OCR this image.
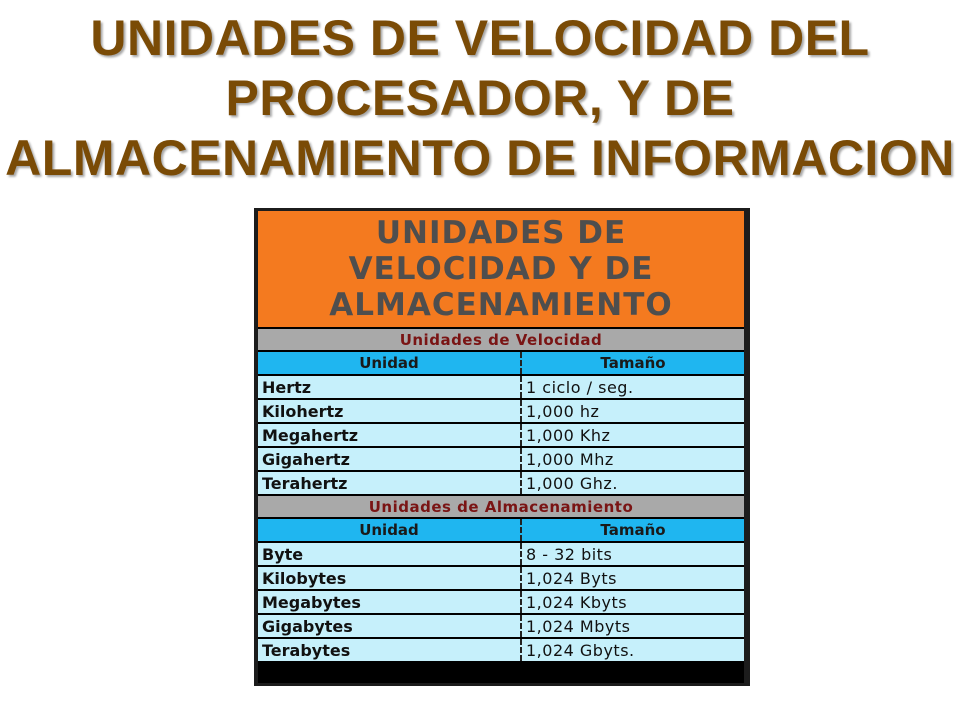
UNIDADES DE VELOCIDAD DEL
PROCESADOR, Y DE
ALMACENAMIENTO DE INFORMACION
UNIDADES DE
VELOCIDAD Y DE
ALMACENAMIENTO
Unidades de Velocidad
Unidad	Tamaño
Hertz	1 ciclo / seg.
Kilohertz	1,000 hz
Megahertz	1,000 Khz
Gigahertz	1,000 Mhz
Terahertz	1,000 Ghz.
Unidades de Almacenamiento
Unidad	Tamaño
Byte	8 - 32 bits
Kilobytes	1,024 Byts
Megabytes	1,024 Kbyts
Gigabytes	1,024 Mbyts
Terabytes	1,024 Gbyts.
